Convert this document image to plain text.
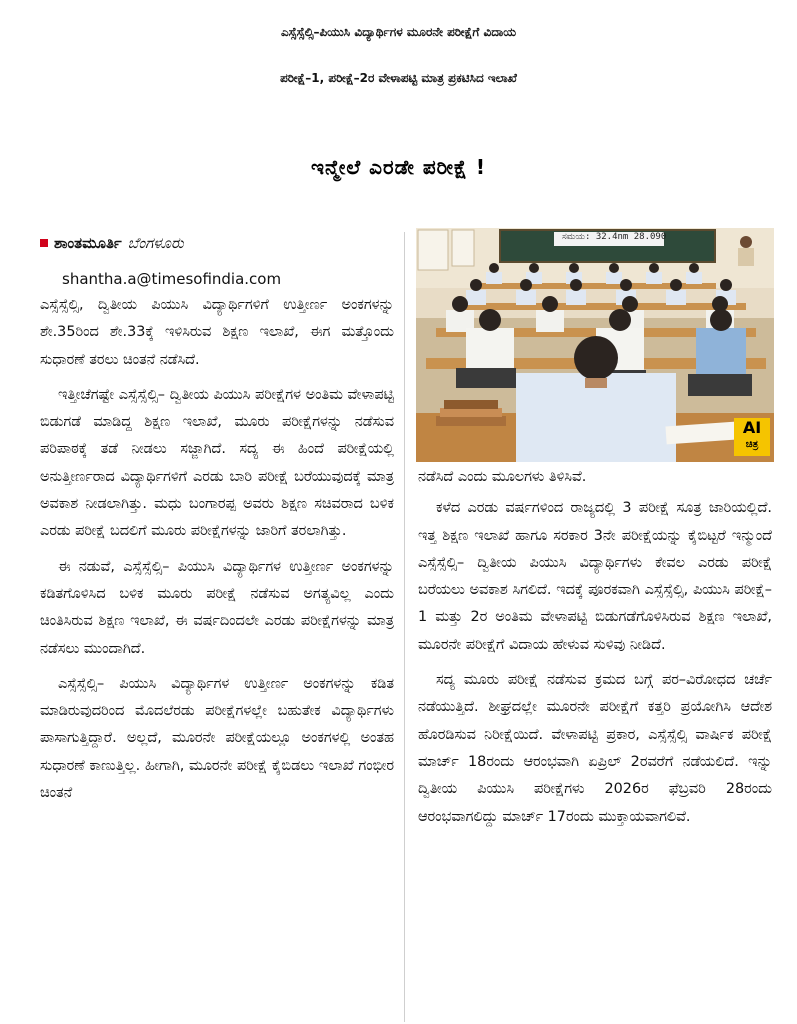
ಎಸ್ಸೆಸ್ಸೆಲ್ಸಿ–ಪಿಯುಸಿ ವಿದ್ಯಾರ್ಥಿಗಳ ಮೂರನೇ ಪರೀಕ್ಷೆಗೆ ವಿದಾಯ
ಪರೀಕ್ಷೆ–1, ಪರೀಕ್ಷೆ–2ರ ವೇಳಾಪಟ್ಟಿ ಮಾತ್ರ ಪ್ರಕಟಿಸಿದ ಇಲಾಖೆ
ಇನ್ಮೇಲೆ ಎರಡೇ ಪರೀಕ್ಷೆ !
ಶಾಂತಮೂರ್ತಿ ಬೆಂಗಳೂರು
shantha.a@timesofindia.com

ಎಸ್ಸೆಸ್ಸೆಲ್ಸಿ, ದ್ವಿತೀಯ ಪಿಯುಸಿ ವಿದ್ಯಾರ್ಥಿಗಳಿಗೆ ಉತ್ತೀರ್ಣ ಅಂಕಗಳನ್ನು ಶೇ.35ರಿಂದ ಶೇ.33ಕ್ಕೆ ಇಳಿಸಿರುವ ಶಿಕ್ಷಣ ಇಲಾಖೆ, ಈಗ ಮತ್ತೊಂದು ಸುಧಾರಣೆ ತರಲು ಚಿಂತನೆ ನಡೆಸಿದೆ.

ಇತ್ತೀಚೆಗಷ್ಟೇ ಎಸ್ಸೆಸ್ಸೆಲ್ಸಿ– ದ್ವಿತೀಯ ಪಿಯುಸಿ ಪರೀಕ್ಷೆಗಳ ಅಂತಿಮ ವೇಳಾಪಟ್ಟಿ ಬಿಡುಗಡೆ ಮಾಡಿದ್ದ ಶಿಕ್ಷಣ ಇಲಾಖೆ, ಮೂರು ಪರೀಕ್ಷೆಗಳನ್ನು ನಡೆಸುವ ಪರಿಪಾಠಕ್ಕೆ ತಡೆ ನೀಡಲು ಸಜ್ಜಾಗಿದೆ. ಸದ್ಯ ಈ ಹಿಂದೆ ಪರೀಕ್ಷೆಯಲ್ಲಿ ಅನುತ್ತೀರ್ಣರಾದ ವಿದ್ಯಾರ್ಥಿಗಳಿಗೆ ಎರಡು ಬಾರಿ ಪರೀಕ್ಷೆ ಬರೆಯುವುದಕ್ಕೆ ಮಾತ್ರ ಅವಕಾಶ ನೀಡಲಾಗಿತ್ತು. ಮಧು ಬಂಗಾರಪ್ಪ ಅವರು ಶಿಕ್ಷಣ ಸಚಿವರಾದ ಬಳಿಕ ಎರಡು ಪರೀಕ್ಷೆ ಬದಲಿಗೆ ಮೂರು ಪರೀಕ್ಷೆಗಳನ್ನು ಜಾರಿಗೆ ತರಲಾಗಿತ್ತು.

ಈ ನಡುವೆ, ಎಸ್ಸೆಸ್ಸೆಲ್ಸಿ– ಪಿಯುಸಿ ವಿದ್ಯಾರ್ಥಿಗಳ ಉತ್ತೀರ್ಣ ಅಂಕಗಳನ್ನು ಕಡಿತಗೊಳಿಸಿದ ಬಳಿಕ ಮೂರು ಪರೀಕ್ಷೆ ನಡೆಸುವ ಅಗತ್ಯವಿಲ್ಲ ಎಂದು ಚಿಂತಿಸಿರುವ ಶಿಕ್ಷಣ ಇಲಾಖೆ, ಈ ವರ್ಷದಿಂದಲೇ ಎರಡು ಪರೀಕ್ಷೆಗಳನ್ನು ಮಾತ್ರ ನಡೆಸಲು ಮುಂದಾಗಿದೆ.

ಎಸ್ಸೆಸ್ಸೆಲ್ಸಿ– ಪಿಯುಸಿ ವಿದ್ಯಾರ್ಥಿಗಳ ಉತ್ತೀರ್ಣ ಅಂಕಗಳನ್ನು ಕಡಿತ ಮಾಡಿರುವುದರಿಂದ ಮೊದಲೆರಡು ಪರೀಕ್ಷೆಗಳಲ್ಲೇ ಬಹುತೇಕ ವಿದ್ಯಾರ್ಥಿಗಳು ಪಾಸಾಗುತ್ತಿದ್ದಾರೆ. ಅಲ್ಲದೆ, ಮೂರನೇ ಪರೀಕ್ಷೆಯಲ್ಲೂ ಅಂಕಗಳಲ್ಲಿ ಅಂತಹ ಸುಧಾರಣೆ ಕಾಣುತ್ತಿಲ್ಲ. ಹೀಗಾಗಿ, ಮೂರನೇ ಪರೀಕ್ಷೆ ಕೈಬಿಡಲು ಇಲಾಖೆ ಗಂಭೀರ ಚಿಂತನೆ

AI
ಚಿತ್ರ
ಸಮಯ: 32.4nm 28.090

ನಡೆಸಿದೆ ಎಂದು ಮೂಲಗಳು ತಿಳಿಸಿವೆ.

ಕಳೆದ ಎರಡು ವರ್ಷಗಳಿಂದ ರಾಜ್ಯದಲ್ಲಿ 3 ಪರೀಕ್ಷೆ ಸೂತ್ರ ಜಾರಿಯಲ್ಲಿದೆ. ಇತ್ತ ಶಿಕ್ಷಣ ಇಲಾಖೆ ಹಾಗೂ ಸರಕಾರ 3ನೇ ಪರೀಕ್ಷೆಯನ್ನು ಕೈಬಿಟ್ಟರೆ ಇನ್ಮುಂದೆ ಎಸ್ಸೆಸ್ಸೆಲ್ಸಿ– ದ್ವಿತೀಯ ಪಿಯುಸಿ ವಿದ್ಯಾರ್ಥಿಗಳು ಕೇವಲ ಎರಡು ಪರೀಕ್ಷೆ ಬರೆಯಲು ಅವಕಾಶ ಸಿಗಲಿದೆ. ಇದಕ್ಕೆ ಪೂರಕವಾಗಿ ಎಸ್ಸೆಸ್ಸೆಲ್ಸಿ, ಪಿಯುಸಿ ಪರೀಕ್ಷೆ–1 ಮತ್ತು 2ರ ಅಂತಿಮ ವೇಳಾಪಟ್ಟಿ ಬಿಡುಗಡೆಗೊಳಿಸಿರುವ ಶಿಕ್ಷಣ ಇಲಾಖೆ, ಮೂರನೇ ಪರೀಕ್ಷೆಗೆ ವಿದಾಯ ಹೇಳುವ ಸುಳಿವು ನೀಡಿದೆ.

ಸದ್ಯ ಮೂರು ಪರೀಕ್ಷೆ ನಡೆಸುವ ಕ್ರಮದ ಬಗ್ಗೆ ಪರ–ವಿರೋಧದ ಚರ್ಚೆ ನಡೆಯುತ್ತಿದೆ. ಶೀಘ್ರದಲ್ಲೇ ಮೂರನೇ ಪರೀಕ್ಷೆಗೆ ಕತ್ತರಿ ಪ್ರಯೋಗಿಸಿ ಆದೇಶ ಹೊರಡಿಸುವ ನಿರೀಕ್ಷೆಯಿದೆ. ವೇಳಾಪಟ್ಟಿ ಪ್ರಕಾರ, ಎಸ್ಸೆಸ್ಸೆಲ್ಸಿ ವಾರ್ಷಿಕ ಪರೀಕ್ಷೆ ಮಾರ್ಚ್ 18ರಂದು ಆರಂಭವಾಗಿ ಏಪ್ರಿಲ್ 2ರವರೆಗೆ ನಡೆಯಲಿದೆ. ಇನ್ನು ದ್ವಿತೀಯ ಪಿಯುಸಿ ಪರೀಕ್ಷೆಗಳು 2026ರ ಫೆಬ್ರವರಿ 28ರಂದು ಆರಂಭವಾಗಲಿದ್ದು ಮಾರ್ಚ್ 17ರಂದು ಮುಕ್ತಾಯವಾಗಲಿವೆ.
